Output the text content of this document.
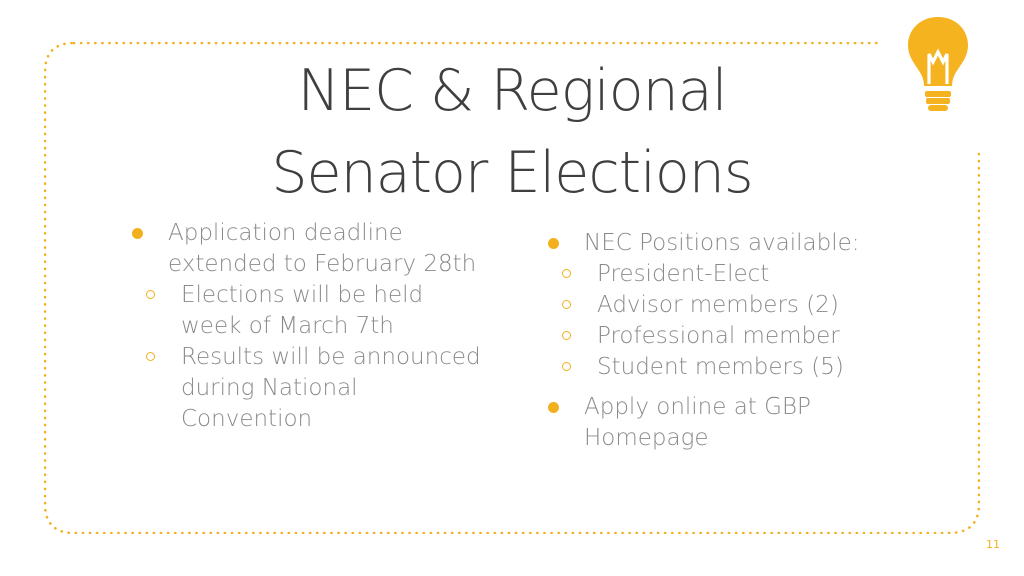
NEC & Regional
Senator Elections
Application deadline extended to February 28th
Elections will be held week of March 7th
Results will be announced during National Convention
NEC Positions available:
President-Elect
Advisor members (2)
Professional member
Student members (5)
Apply online at GBP Homepage
11
